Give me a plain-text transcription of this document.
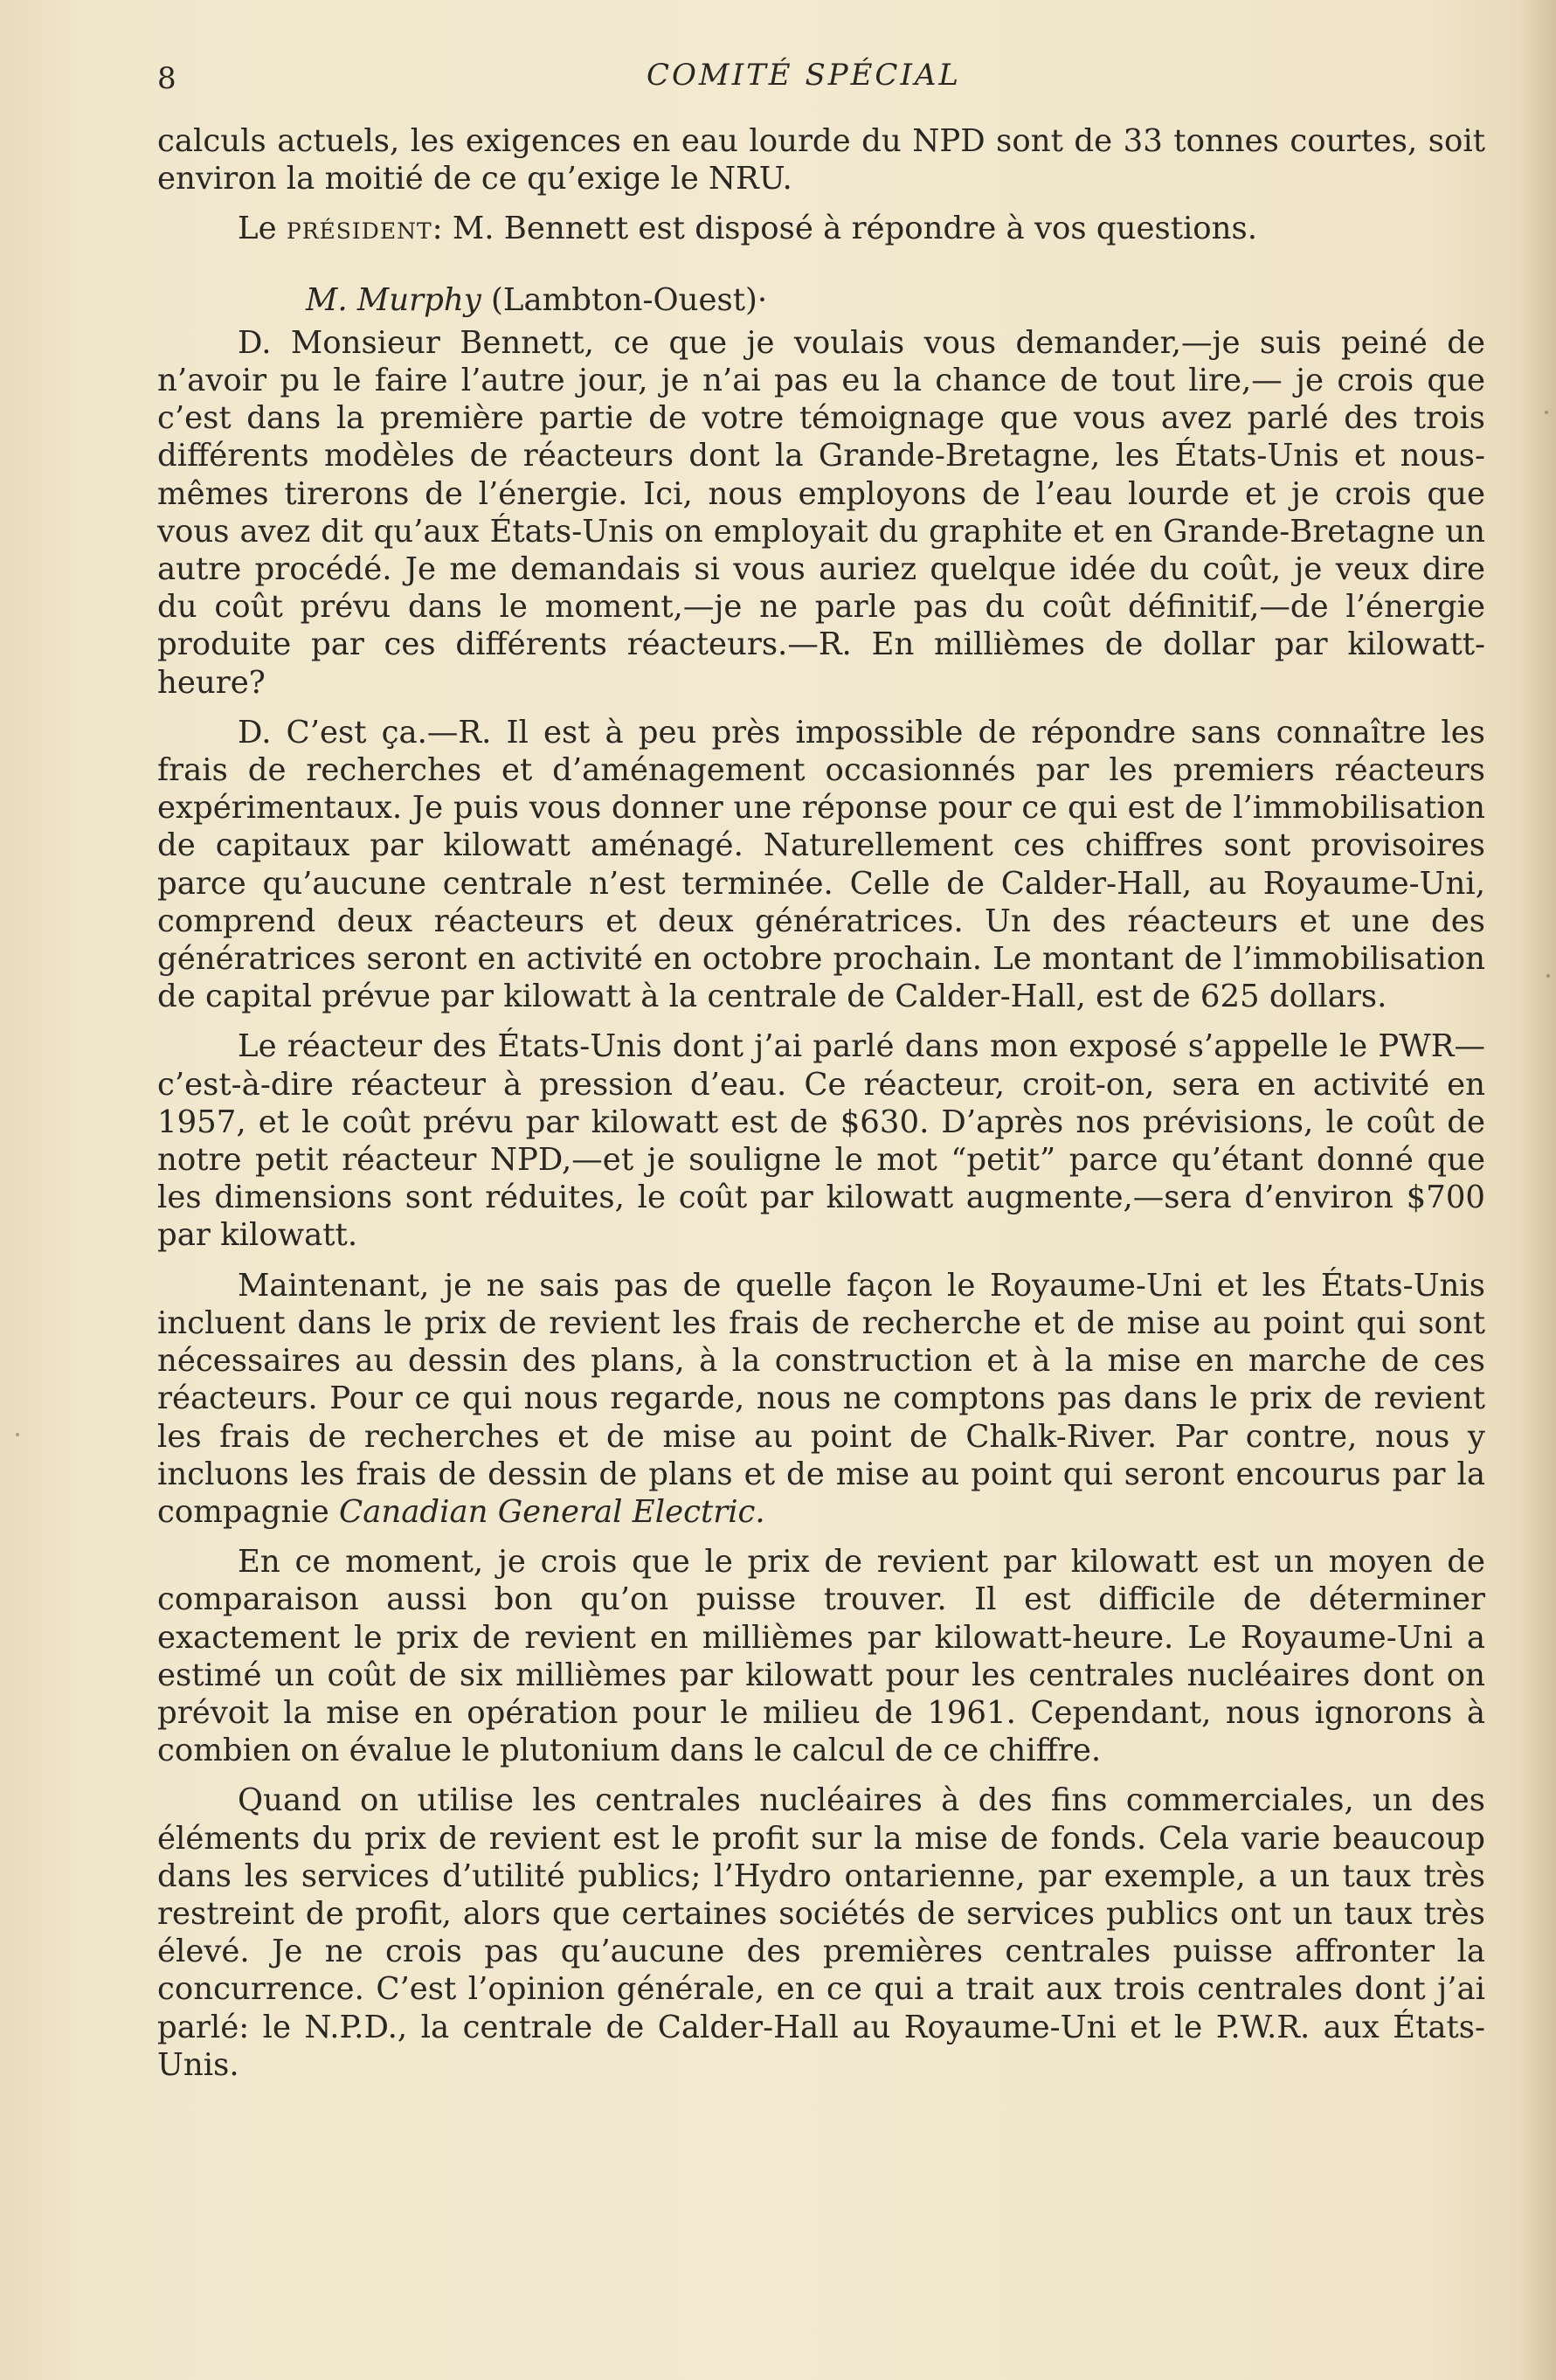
8	COMITÉ SPÉCIAL

calculs actuels, les exigences en eau lourde du NPD sont de 33 tonnes courtes, soit environ la moitié de ce qu’exige le NRU.

Le président: M. Bennett est disposé à répondre à vos questions.

M. Murphy (Lambton-Ouest)·

D. Monsieur Bennett, ce que je voulais vous demander,—je suis peiné de n’avoir pu le faire l’autre jour, je n’ai pas eu la chance de tout lire,— je crois que c’est dans la première partie de votre témoignage que vous avez parlé des trois différents modèles de réacteurs dont la Grande-Bretagne, les États-Unis et nous-mêmes tirerons de l’énergie. Ici, nous employons de l’eau lourde et je crois que vous avez dit qu’aux États-Unis on employait du graphite et en Grande-Bretagne un autre procédé. Je me demandais si vous auriez quelque idée du coût, je veux dire du coût prévu dans le moment,—je ne parle pas du coût définitif,—de l’énergie produite par ces différents réacteurs.—R. En millièmes de dollar par kilowatt-heure?

D. C’est ça.—R. Il est à peu près impossible de répondre sans connaître les frais de recherches et d’aménagement occasionnés par les premiers réacteurs expérimentaux. Je puis vous donner une réponse pour ce qui est de l’immobilisation de capitaux par kilowatt aménagé. Naturellement ces chiffres sont provisoires parce qu’aucune centrale n’est terminée. Celle de Calder-Hall, au Royaume-Uni, comprend deux réacteurs et deux génératrices. Un des réacteurs et une des génératrices seront en activité en octobre prochain. Le montant de l’immobilisation de capital prévue par kilowatt à la centrale de Calder-Hall, est de 625 dollars.

Le réacteur des États-Unis dont j’ai parlé dans mon exposé s’appelle le PWR—c’est-à-dire réacteur à pression d’eau. Ce réacteur, croit-on, sera en activité en 1957, et le coût prévu par kilowatt est de $630. D’après nos prévisions, le coût de notre petit réacteur NPD,—et je souligne le mot “petit” parce qu’étant donné que les dimensions sont réduites, le coût par kilowatt augmente,—sera d’environ $700 par kilowatt.

Maintenant, je ne sais pas de quelle façon le Royaume-Uni et les États-Unis incluent dans le prix de revient les frais de recherche et de mise au point qui sont nécessaires au dessin des plans, à la construction et à la mise en marche de ces réacteurs. Pour ce qui nous regarde, nous ne comptons pas dans le prix de revient les frais de recherches et de mise au point de Chalk-River. Par contre, nous y incluons les frais de dessin de plans et de mise au point qui seront encourus par la compagnie Canadian General Electric.

En ce moment, je crois que le prix de revient par kilowatt est un moyen de comparaison aussi bon qu’on puisse trouver. Il est difficile de déterminer exactement le prix de revient en millièmes par kilowatt-heure. Le Royaume-Uni a estimé un coût de six millièmes par kilowatt pour les centrales nucléaires dont on prévoit la mise en opération pour le milieu de 1961. Cependant, nous ignorons à combien on évalue le plutonium dans le calcul de ce chiffre.

Quand on utilise les centrales nucléaires à des fins commerciales, un des éléments du prix de revient est le profit sur la mise de fonds. Cela varie beaucoup dans les services d’utilité publics; l’Hydro ontarienne, par exemple, a un taux très restreint de profit, alors que certaines sociétés de services publics ont un taux très élevé. Je ne crois pas qu’aucune des premières centrales puisse affronter la concurrence. C’est l’opinion générale, en ce qui a trait aux trois centrales dont j’ai parlé: le N.P.D., la centrale de Calder-Hall au Royaume-Uni et le P.W.R. aux États-Unis.
